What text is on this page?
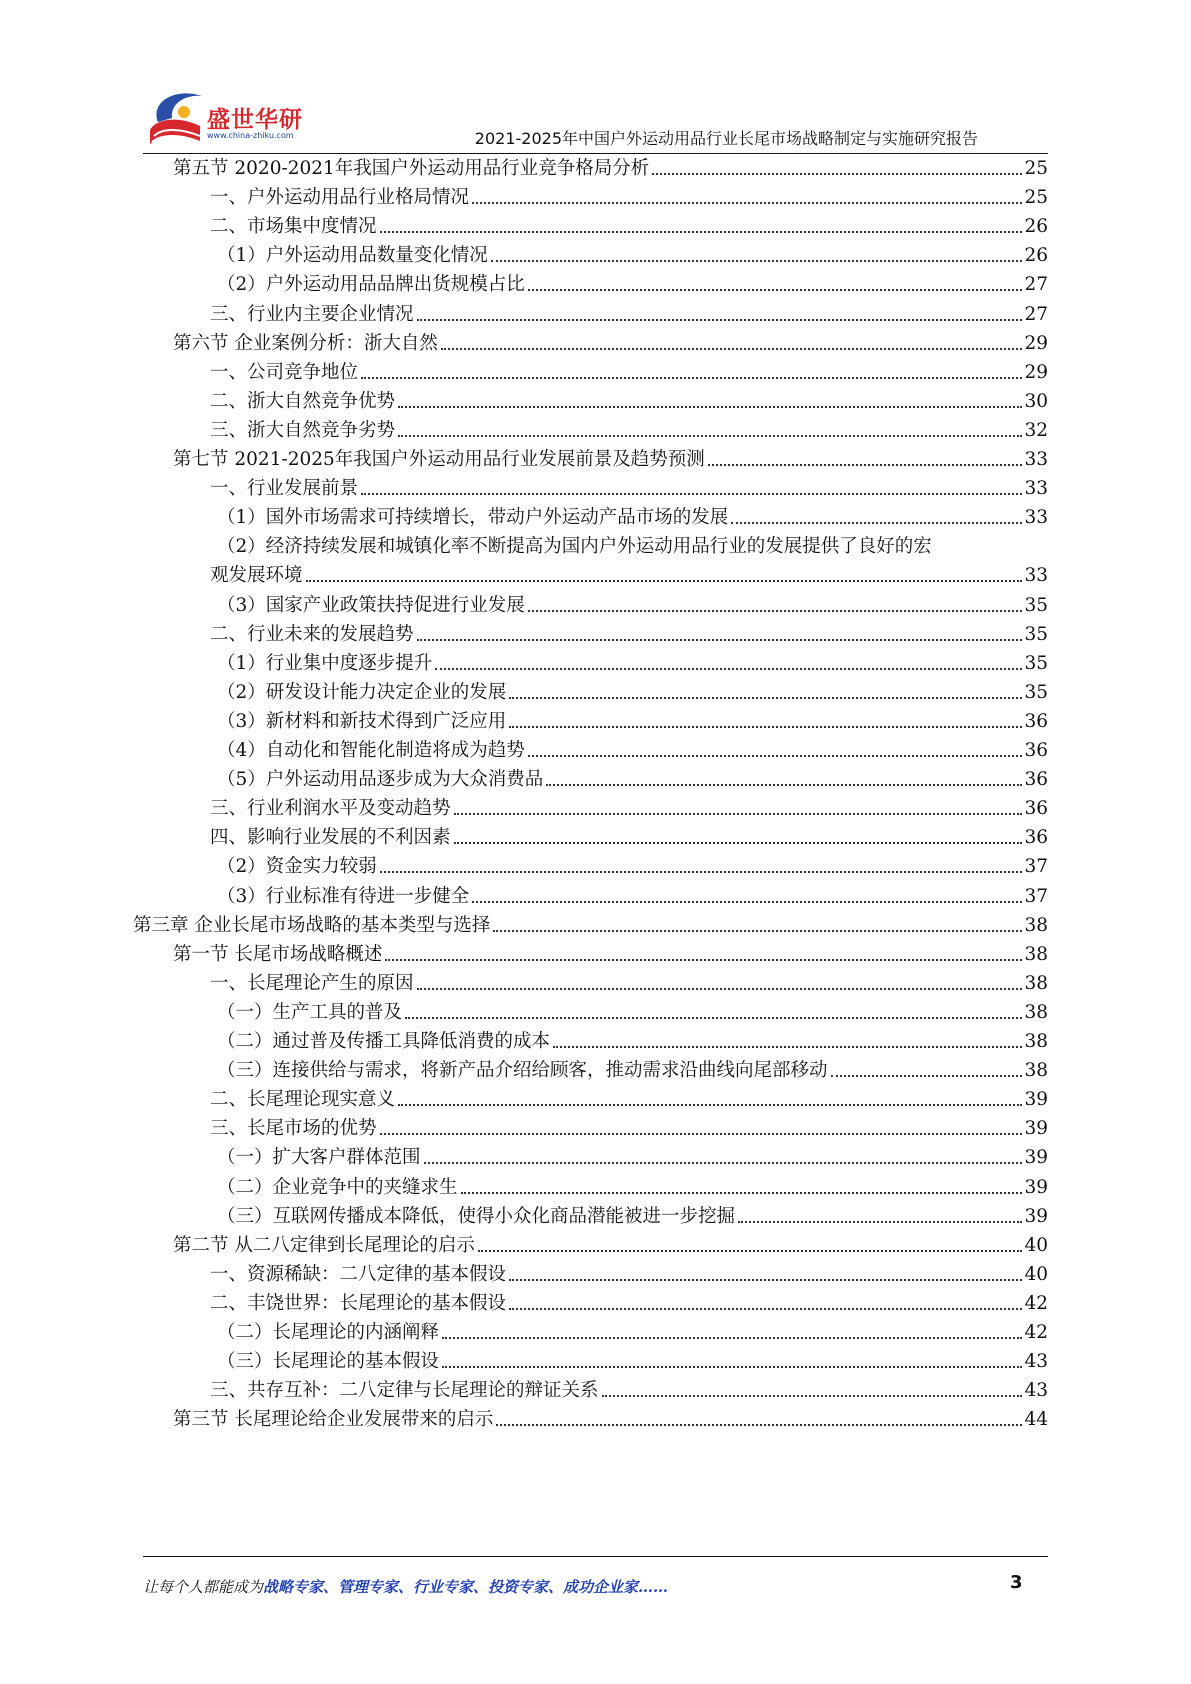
盛世华研
www.china-zhiku.com	2021-2025年中国户外运动用品行业长尾市场战略制定与实施研究报告
第五节 2020-2021年我国户外运动用品行业竞争格局分析	25
一、户外运动用品行业格局情况	25
二、市场集中度情况	26
（1）户外运动用品数量变化情况	26
（2）户外运动用品品牌出货规模占比	27
三、行业内主要企业情况	27
第六节 企业案例分析：浙大自然	29
一、公司竞争地位	29
二、浙大自然竞争优势	30
三、浙大自然竞争劣势	32
第七节 2021-2025年我国户外运动用品行业发展前景及趋势预测	33
一、行业发展前景	33
（1）国外市场需求可持续增长，带动户外运动产品市场的发展	33
（2）经济持续发展和城镇化率不断提高为国内户外运动用品行业的发展提供了良好的宏
观发展环境	33
（3）国家产业政策扶持促进行业发展	35
二、行业未来的发展趋势	35
（1）行业集中度逐步提升	35
（2）研发设计能力决定企业的发展	35
（3）新材料和新技术得到广泛应用	36
（4）自动化和智能化制造将成为趋势	36
（5）户外运动用品逐步成为大众消费品	36
三、行业利润水平及变动趋势	36
四、影响行业发展的不利因素	36
（2）资金实力较弱	37
（3）行业标准有待进一步健全	37
第三章 企业长尾市场战略的基本类型与选择	38
第一节 长尾市场战略概述	38
一、长尾理论产生的原因	38
（一）生产工具的普及	38
（二）通过普及传播工具降低消费的成本	38
（三）连接供给与需求，将新产品介绍给顾客，推动需求沿曲线向尾部移动	38
二、长尾理论现实意义	39
三、长尾市场的优势	39
（一）扩大客户群体范围	39
（二）企业竞争中的夹缝求生	39
（三）互联网传播成本降低，使得小众化商品潜能被进一步挖掘	39
第二节 从二八定律到长尾理论的启示	40
一、资源稀缺：二八定律的基本假设	40
二、丰饶世界：长尾理论的基本假设	42
（二）长尾理论的内涵阐释	42
（三）长尾理论的基本假设	43
三、共存互补：二八定律与长尾理论的辩证关系	43
第三节 长尾理论给企业发展带来的启示	44
让每个人都能成为战略专家、管理专家、行业专家、投资专家、成功企业家……	3
